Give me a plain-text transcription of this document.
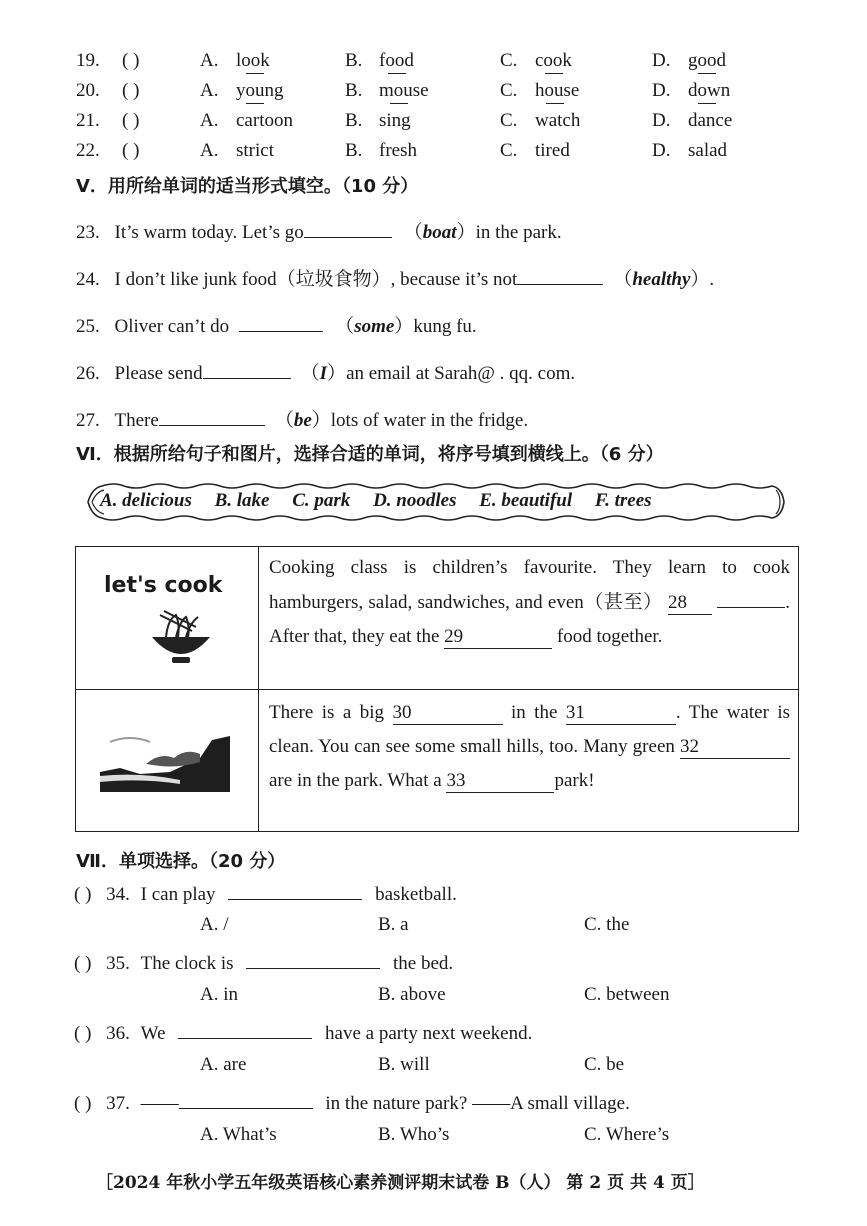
19. ( )	A. look	B. food	C. cook	D. good
20. ( )	A. young	B. mouse	C. house	D. down
21. ( )	A. cartoon	B. sing	C. watch	D. dance
22. ( )	A. strict	B. fresh	C. tired	D. salad
V．用所给单词的适当形式填空。（10 分）
23. It’s warm today. Let’s go	（boat）in the park.
24. I don’t like junk food（垃圾食物）, because it’s not	（healthy）.
25. Oliver can’t do	（some）kung fu.
26. Please send	（I）an email at Sarah@ . qq. com.
27. There	（be）lots of water in the fridge.
Ⅵ．根据所给句子和图片，选择合适的单词，将序号填到横线上。（6 分）
A. delicious B. lake C. park D. noodles E. beautiful F. trees
let's cook	Cooking class is children’s favourite. They learn to cook hamburgers, salad, sandwiches, and even（甚至） 28 . After that, they eat the 29 food together.

	There is a big 30 in the 31 . The water is clean. You can see some small hills, too. Many green 32are in the park. What a 33 park!
Ⅶ．单项选择。（20 分）
( ) 34. I can play	basketball.
A. /	B. a	C. the
( ) 35. The clock is	the bed.
A. in	B. above	C. between
( ) 36. We	have a party next weekend.
A. are	B. will	C. be
( ) 37. ——	in the nature park? ——A small village.
A. What’s	B. Who’s	C. Where’s
［2024 年秋小学五年级英语核心素养测评期末试卷 B（人） 第 2 页 共 4 页］
